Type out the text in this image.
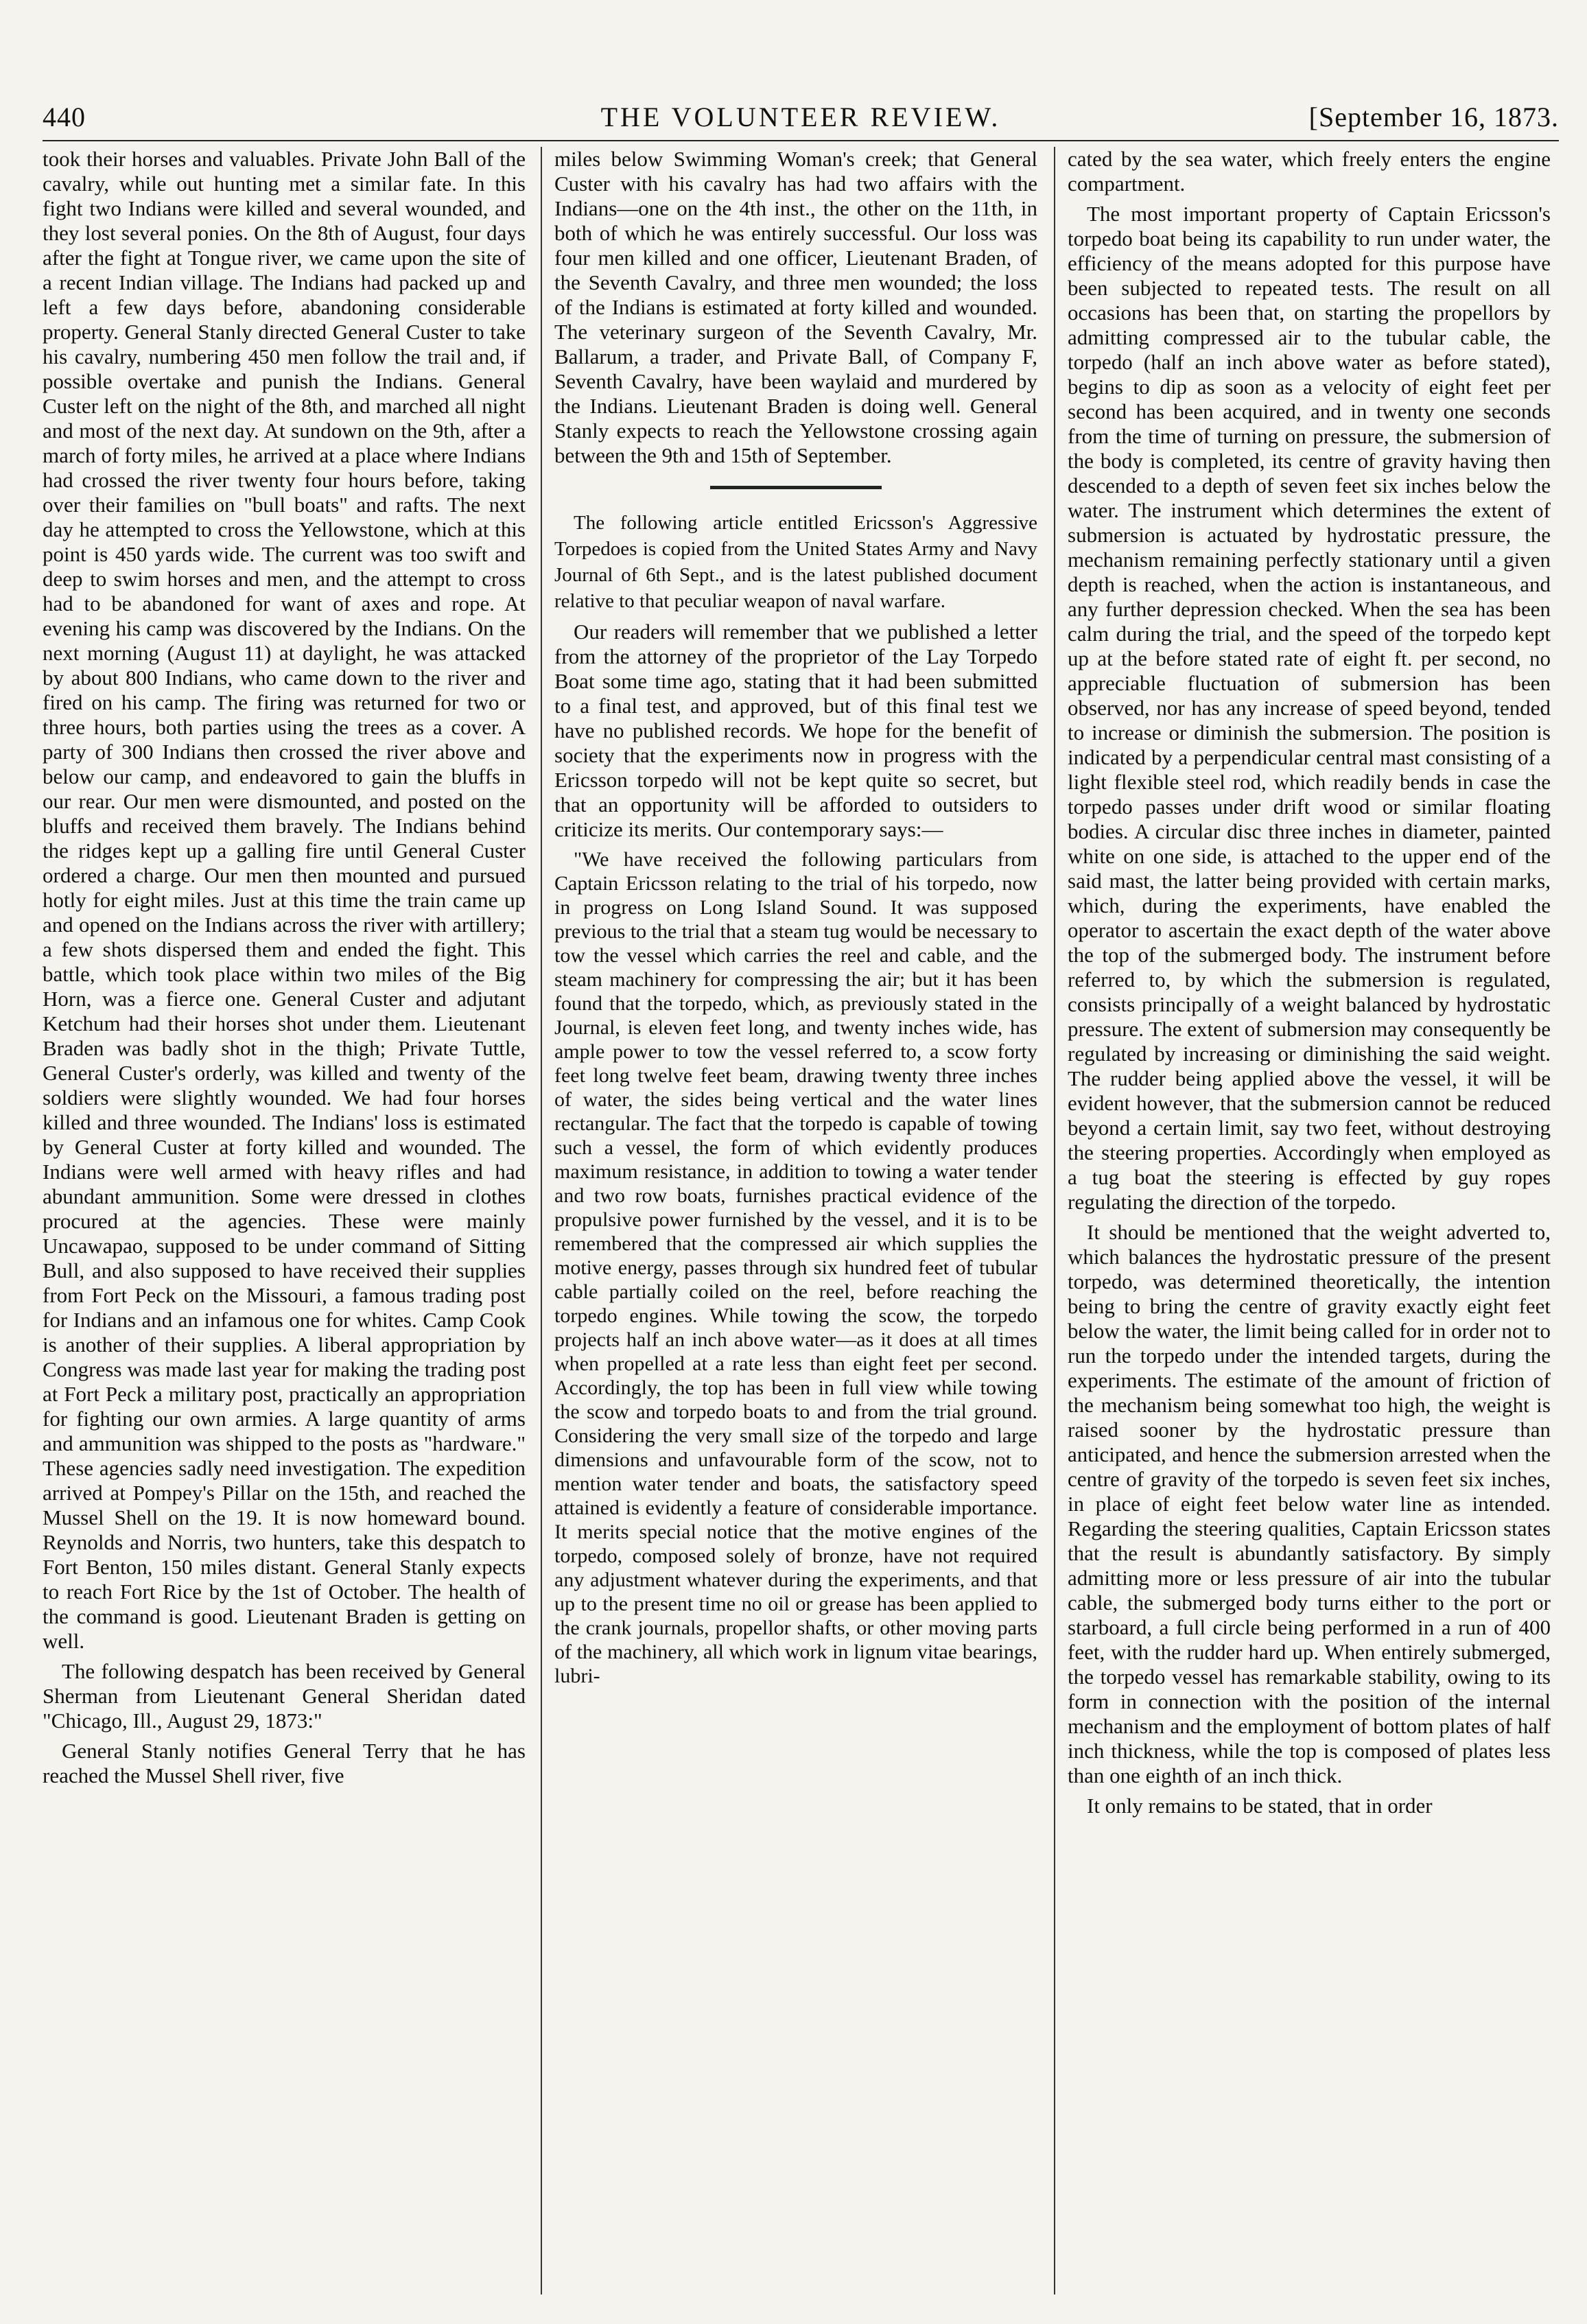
440	THE VOLUNTEER REVIEW.	[September 16, 1873.

took their horses and valuables. Private John Ball of the cavalry, while out hunting met a similar fate. In this fight two Indians were killed and several wounded, and they lost several ponies. On the 8th of August, four days after the fight at Tongue river, we came upon the site of a recent Indian village. The Indians had packed up and left a few days before, abandoning considerable property. General Stanly directed General Custer to take his cavalry, numbering 450 men follow the trail and, if possible overtake and punish the Indians. General Custer left on the night of the 8th, and marched all night and most of the next day. At sundown on the 9th, after a march of forty miles, he arrived at a place where Indians had crossed the river twenty four hours before, taking over their families on "bull boats" and rafts. The next day he attempted to cross the Yellowstone, which at this point is 450 yards wide. The current was too swift and deep to swim horses and men, and the attempt to cross had to be abandoned for want of axes and rope. At evening his camp was discovered by the Indians. On the next morning (August 11) at daylight, he was attacked by about 800 Indians, who came down to the river and fired on his camp. The firing was returned for two or three hours, both parties using the trees as a cover. A party of 300 Indians then crossed the river above and below our camp, and endeavored to gain the bluffs in our rear. Our men were dismounted, and posted on the bluffs and received them bravely. The Indians behind the ridges kept up a galling fire until General Custer ordered a charge. Our men then mounted and pursued hotly for eight miles. Just at this time the train came up and opened on the Indians across the river with artillery; a few shots dispersed them and ended the fight. This battle, which took place within two miles of the Big Horn, was a fierce one. General Custer and adjutant Ketchum had their horses shot under them. Lieutenant Braden was badly shot in the thigh; Private Tuttle, General Custer's orderly, was killed and twenty of the soldiers were slightly wounded. We had four horses killed and three wounded. The Indians' loss is estimated by General Custer at forty killed and wounded. The Indians were well armed with heavy rifles and had abundant ammunition. Some were dressed in clothes procured at the agencies. These were mainly Uncawapao, supposed to be under command of Sitting Bull, and also supposed to have received their supplies from Fort Peck on the Missouri, a famous trading post for Indians and an infamous one for whites. Camp Cook is another of their supplies. A liberal appropriation by Congress was made last year for making the trading post at Fort Peck a military post, practically an appropriation for fighting our own armies. A large quantity of arms and ammunition was shipped to the posts as "hardware." These agencies sadly need investigation. The expedition arrived at Pompey's Pillar on the 15th, and reached the Mussel Shell on the 19. It is now homeward bound. Reynolds and Norris, two hunters, take this despatch to Fort Benton, 150 miles distant. General Stanly expects to reach Fort Rice by the 1st of October. The health of the command is good. Lieutenant Braden is getting on well.

The following despatch has been received by General Sherman from Lieutenant General Sheridan dated "Chicago, Ill., August 29, 1873:"

General Stanly notifies General Terry that he has reached the Mussel Shell river, five

miles below Swimming Woman's creek; that General Custer with his cavalry has had two affairs with the Indians—one on the 4th inst., the other on the 11th, in both of which he was entirely successful. Our loss was four men killed and one officer, Lieutenant Braden, of the Seventh Cavalry, and three men wounded; the loss of the Indians is estimated at forty killed and wounded. The veterinary surgeon of the Seventh Cavalry, Mr. Ballarum, a trader, and Private Ball, of Company F, Seventh Cavalry, have been waylaid and murdered by the Indians. Lieutenant Braden is doing well. General Stanly expects to reach the Yellowstone crossing again between the 9th and 15th of September.

The following article entitled Ericsson's Aggressive Torpedoes is copied from the United States Army and Navy Journal of 6th Sept., and is the latest published document relative to that peculiar weapon of naval warfare.

Our readers will remember that we published a letter from the attorney of the proprietor of the Lay Torpedo Boat some time ago, stating that it had been submitted to a final test, and approved, but of this final test we have no published records. We hope for the benefit of society that the experiments now in progress with the Ericsson torpedo will not be kept quite so secret, but that an opportunity will be afforded to outsiders to criticize its merits. Our contemporary says:—

"We have received the following particulars from Captain Ericsson relating to the trial of his torpedo, now in progress on Long Island Sound. It was supposed previous to the trial that a steam tug would be necessary to tow the vessel which carries the reel and cable, and the steam machinery for compressing the air; but it has been found that the torpedo, which, as previously stated in the Journal, is eleven feet long, and twenty inches wide, has ample power to tow the vessel referred to, a scow forty feet long twelve feet beam, drawing twenty three inches of water, the sides being vertical and the water lines rectangular. The fact that the torpedo is capable of towing such a vessel, the form of which evidently produces maximum resistance, in addition to towing a water tender and two row boats, furnishes practical evidence of the propulsive power furnished by the vessel, and it is to be remembered that the compressed air which supplies the motive energy, passes through six hundred feet of tubular cable partially coiled on the reel, before reaching the torpedo engines. While towing the scow, the torpedo projects half an inch above water—as it does at all times when propelled at a rate less than eight feet per second. Accordingly, the top has been in full view while towing the scow and torpedo boats to and from the trial ground. Considering the very small size of the torpedo and large dimensions and unfavourable form of the scow, not to mention water tender and boats, the satisfactory speed attained is evidently a feature of considerable importance. It merits special notice that the motive engines of the torpedo, composed solely of bronze, have not required any adjustment whatever during the experiments, and that up to the present time no oil or grease has been applied to the crank journals, propellor shafts, or other moving parts of the machinery, all which work in lignum vitae bearings, lubri-

cated by the sea water, which freely enters the engine compartment.

The most important property of Captain Ericsson's torpedo boat being its capability to run under water, the efficiency of the means adopted for this purpose have been subjected to repeated tests. The result on all occasions has been that, on starting the propellors by admitting compressed air to the tubular cable, the torpedo (half an inch above water as before stated), begins to dip as soon as a velocity of eight feet per second has been acquired, and in twenty one seconds from the time of turning on pressure, the submersion of the body is completed, its centre of gravity having then descended to a depth of seven feet six inches below the water. The instrument which determines the extent of submersion is actuated by hydrostatic pressure, the mechanism remaining perfectly stationary until a given depth is reached, when the action is instantaneous, and any further depression checked. When the sea has been calm during the trial, and the speed of the torpedo kept up at the before stated rate of eight ft. per second, no appreciable fluctuation of submersion has been observed, nor has any increase of speed beyond, tended to increase or diminish the submersion. The position is indicated by a perpendicular central mast consisting of a light flexible steel rod, which readily bends in case the torpedo passes under drift wood or similar floating bodies. A circular disc three inches in diameter, painted white on one side, is attached to the upper end of the said mast, the latter being provided with certain marks, which, during the experiments, have enabled the operator to ascertain the exact depth of the water above the top of the submerged body. The instrument before referred to, by which the submersion is regulated, consists principally of a weight balanced by hydrostatic pressure. The extent of submersion may consequently be regulated by increasing or diminishing the said weight. The rudder being applied above the vessel, it will be evident however, that the submersion cannot be reduced beyond a certain limit, say two feet, without destroying the steering properties. Accordingly when employed as a tug boat the steering is effected by guy ropes regulating the direction of the torpedo.

It should be mentioned that the weight adverted to, which balances the hydrostatic pressure of the present torpedo, was determined theoretically, the intention being to bring the centre of gravity exactly eight feet below the water, the limit being called for in order not to run the torpedo under the intended targets, during the experiments. The estimate of the amount of friction of the mechanism being somewhat too high, the weight is raised sooner by the hydrostatic pressure than anticipated, and hence the submersion arrested when the centre of gravity of the torpedo is seven feet six inches, in place of eight feet below water line as intended. Regarding the steering qualities, Captain Ericsson states that the result is abundantly satisfactory. By simply admitting more or less pressure of air into the tubular cable, the submerged body turns either to the port or starboard, a full circle being performed in a run of 400 feet, with the rudder hard up. When entirely submerged, the torpedo vessel has remarkable stability, owing to its form in connection with the position of the internal mechanism and the employment of bottom plates of half inch thickness, while the top is composed of plates less than one eighth of an inch thick.

It only remains to be stated, that in order
